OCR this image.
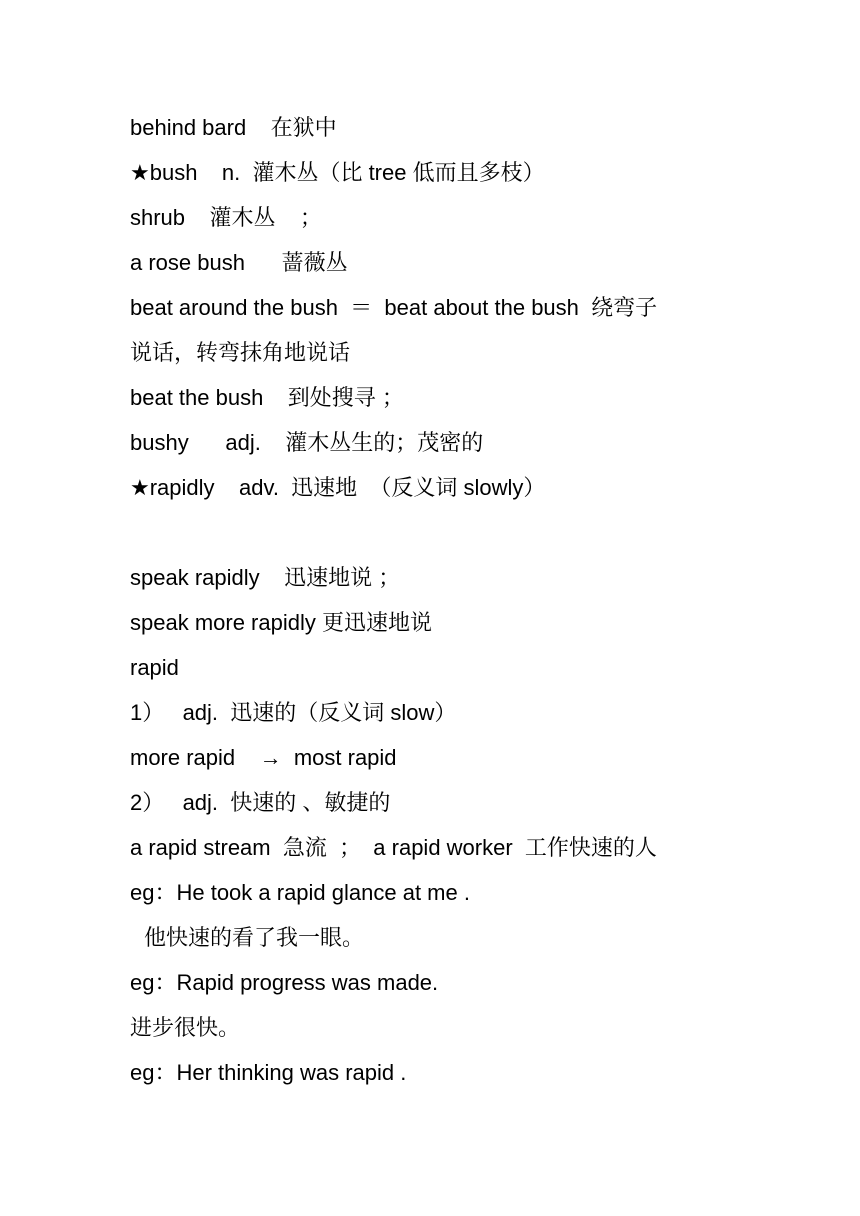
behind bard    在狱中
★bush    n.  灌木丛（比 tree 低而且多枝）
shrub    灌木丛    ；
a rose bush      蔷薇丛
beat around the bush  ＝  beat about the bush  绕弯子
说话，转弯抹角地说话
beat the bush    到处搜寻 ；
bushy      adj.    灌木丛生的；茂密的
★rapidly    adv.  迅速地  （反义词 slowly）
speak rapidly    迅速地说 ；
speak more rapidly 更迅速地说
rapid
1）   adj.  迅速的（反义词 slow）
more rapid    →  most rapid
2）   adj.  快速的 、敏捷的
a rapid stream  急流  ；  a rapid worker  工作快速的人
eg：He took a rapid glance at me .
他快速的看了我一眼。
eg：Rapid progress was made.
进步很快。
eg：Her thinking was rapid .
